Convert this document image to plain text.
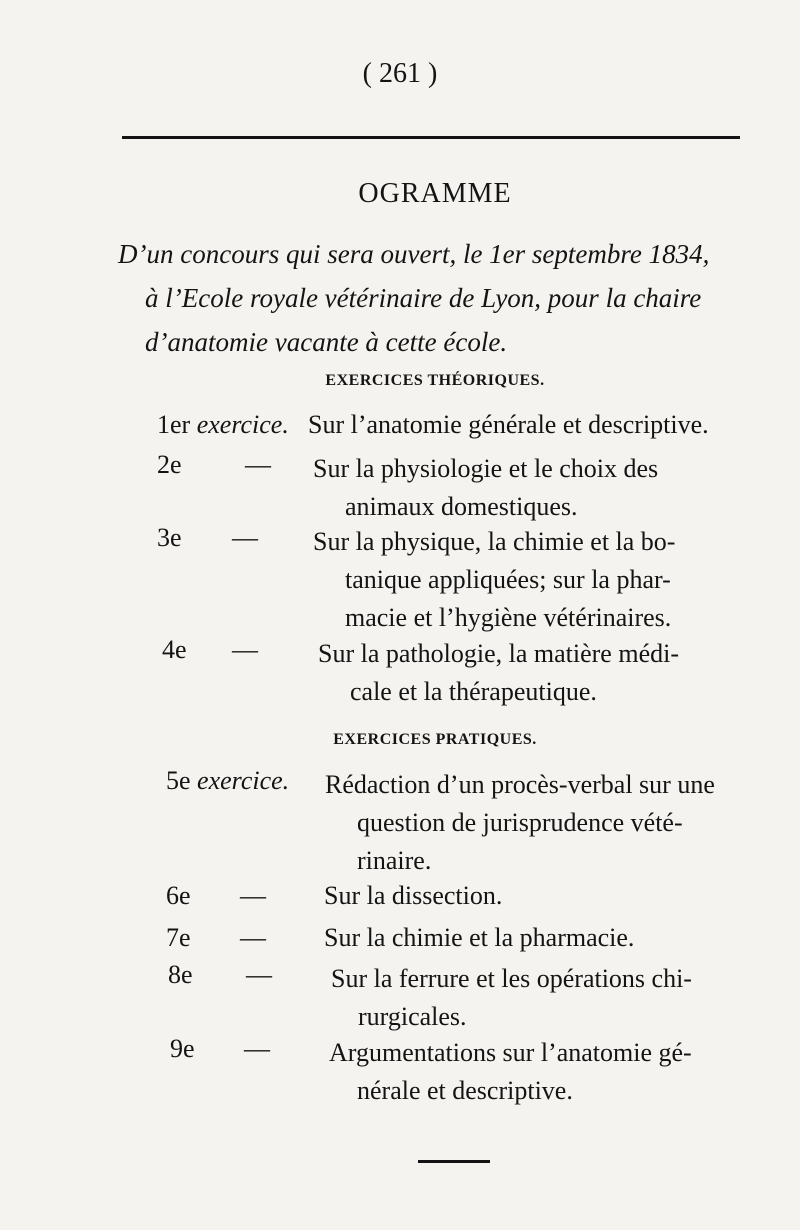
( 261 )
OGRAMME
D’un concours qui sera ouvert, le 1er septembre 1834,
à l’Ecole royale vétérinaire de Lyon, pour la chaire
d’anatomie vacante à cette école.
EXERCICES THÉORIQUES.
1er exercice. Sur l’anatomie générale et descriptive.
2e — Sur la physiologie et le choix des
animaux domestiques.
3e — Sur la physique, la chimie et la bo-
tanique appliquées; sur la phar-
macie et l’hygiène vétérinaires.
4e — Sur la pathologie, la matière médi-
cale et la thérapeutique.
EXERCICES PRATIQUES.
5e exercice. Rédaction d’un procès-verbal sur une
question de jurisprudence vété-
rinaire.
6e — Sur la dissection.
7e — Sur la chimie et la pharmacie.
8e — Sur la ferrure et les opérations chi-
rurgicales.
9e — Argumentations sur l’anatomie gé-
nérale et descriptive.
